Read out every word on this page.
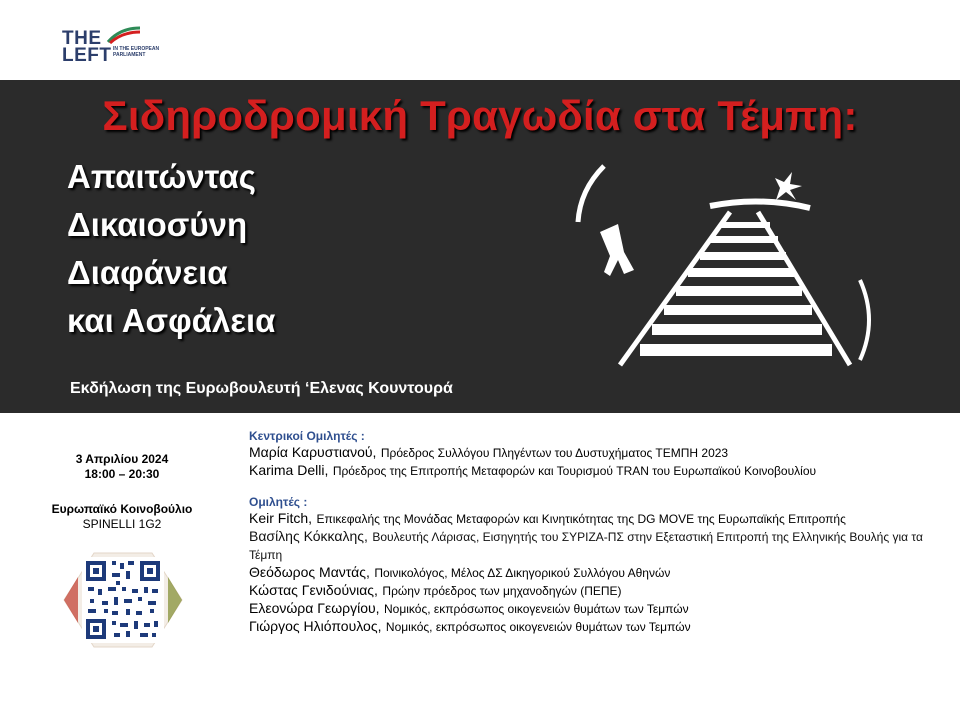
THE
LEFT IN THE EUROPEAN PARLIAMENT
Σιδηροδρομική Τραγωδία στα Τέμπη:
Απαιτώντας
Δικαιοσύνη
Διαφάνεια
και Ασφάλεια
Εκδήλωση της Ευρωβουλευτή ‘Ελενας Κουντουρά
3 Απριλίου 2024
18:00 – 20:30
Ευρωπαϊκό Κοινοβούλιο
SPINELLI 1G2
Κεντρικοί Ομιλητές :
Μαρία Καρυστιανού, Πρόεδρος Συλλόγου Πληγέντων του Δυστυχήματος ΤΕΜΠΗ 2023
Karima Delli, Πρόεδρος της Επιτροπής Μεταφορών και Τουρισμού TRAN του Ευρωπαϊκού Κοινοβουλίου
Ομιλητές :
Keir Fitch, Επικεφαλής της Μονάδας Μεταφορών και Κινητικότητας της DG MOVE της Ευρωπαϊκής Επιτροπής
Βασίλης Κόκκαλης, Βουλευτής Λάρισας, Εισηγητής του ΣΥΡΙΖΑ-ΠΣ στην Εξεταστική Επιτροπή της Ελληνικής Βουλής για τα Τέμπη
Θεόδωρος Μαντάς, Ποινικολόγος, Μέλος ΔΣ Δικηγορικού Συλλόγου Αθηνών
Κώστας Γενιδούνιας, Πρώην πρόεδρος των μηχανοδηγών (ΠΕΠΕ)
Ελεονώρα Γεωργίου, Νομικός, εκπρόσωπος οικογενειών θυμάτων των Τεμπών
Γιώργος Ηλιόπουλος, Νομικός, εκπρόσωπος οικογενειών θυμάτων των Τεμπών
